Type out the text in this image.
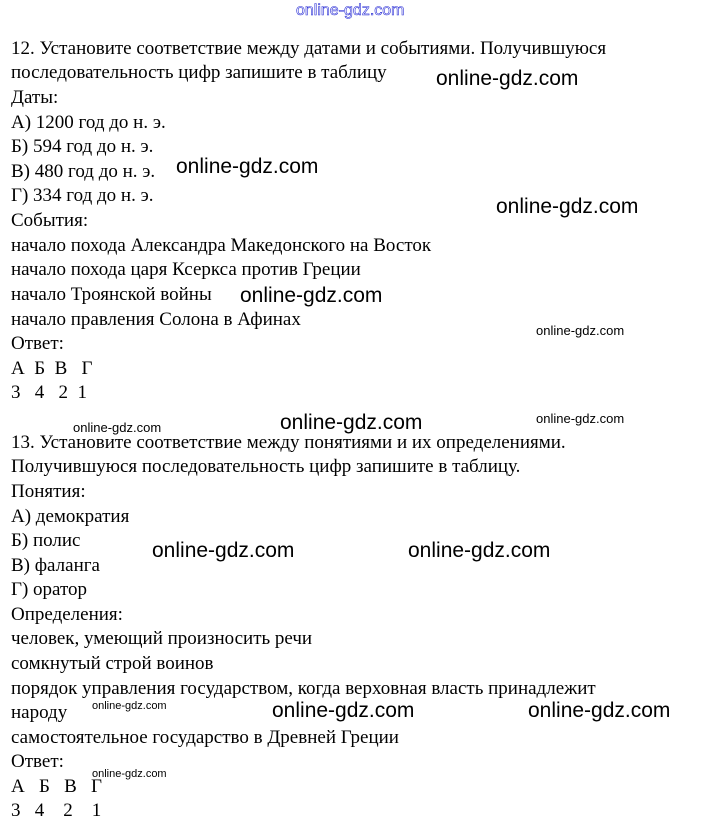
online-gdz.com
12. Установите соответствие между датами и событиями. Получившуюся
последовательность цифр запишите в таблицу
Даты:
А) 1200 год до н. э.
Б) 594 год до н. э.
В) 480 год до н. э.
Г) 334 год до н. э.
События:
начало похода Александра Македонского на Восток
начало похода царя Ксеркса против Греции
начало Троянской войны
начало правления Солона в Афинах
Ответ:
А  Б  В   Г
3   4   2  1
13. Установите соответствие между понятиями и их определениями.
Получившуюся последовательность цифр запишите в таблицу.
Понятия:
А) демократия
Б) полис
В) фаланга
Г) оратор
Определения:
человек, умеющий произносить речи
сомкнутый строй воинов
порядок управления государством, когда верховная власть принадлежит
народу
самостоятельное государство в Древней Греции
Ответ:
А   Б   В   Г
3   4    2    1
online-gdz.com
online-gdz.com
online-gdz.com
online-gdz.com
online-gdz.com
online-gdz.com	online-gdz.com	online-gdz.com
online-gdz.com	online-gdz.com
online-gdz.com	online-gdz.com	online-gdz.com
online-gdz.com
